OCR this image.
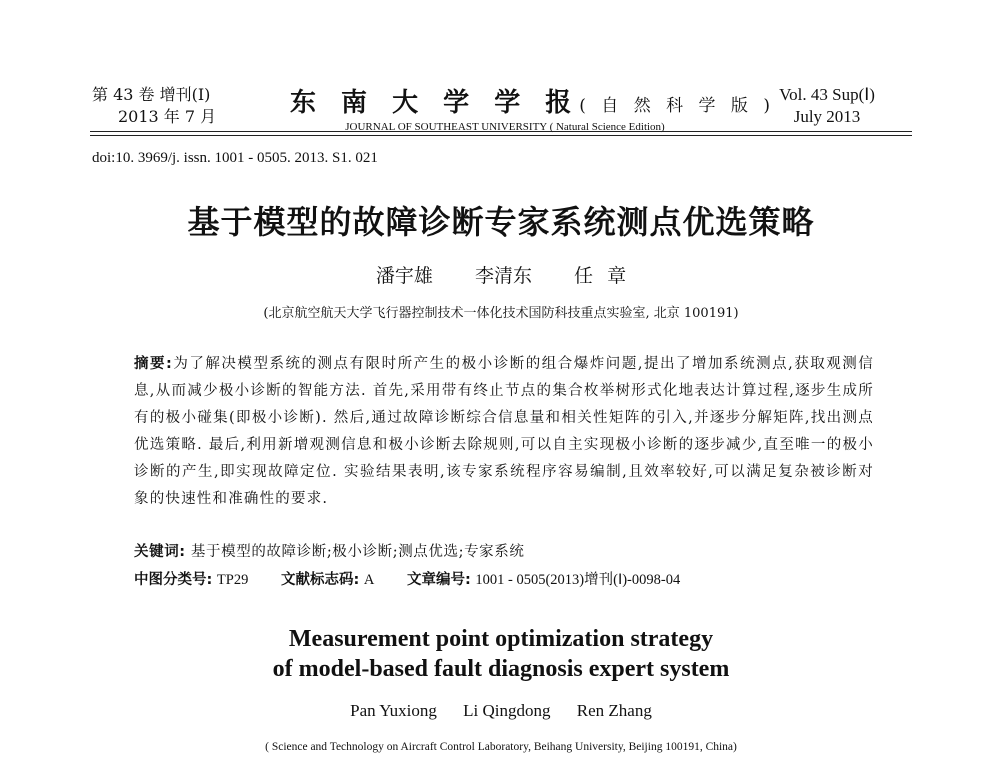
第 43 卷 增刊(Ⅰ)
2013 年 7 月	东 南 大 学 学 报( 自 然 科 学 版 )
JOURNAL OF SOUTHEAST UNIVERSITY ( Natural Science Edition)
Vol. 43 Sup(Ⅰ)
July 2013
doi:10. 3969/j. issn. 1001 - 0505. 2013. S1. 021
基于模型的故障诊断专家系统测点优选策略
潘宇雄 李清东 任 章
(北京航空航天大学飞行器控制技术一体化技术国防科技重点实验室, 北京 100191)

摘要:为了解决模型系统的测点有限时所产生的极小诊断的组合爆炸问题,提出了增加系统测点,获取观测信息,从而减少极小诊断的智能方法. 首先,采用带有终止节点的集合枚举树形式化地表达计算过程,逐步生成所有的极小碰集(即极小诊断). 然后,通过故障诊断综合信息量和相关性矩阵的引入,并逐步分解矩阵,找出测点优选策略. 最后,利用新增观测信息和极小诊断去除规则,可以自主实现极小诊断的逐步减少,直至唯一的极小诊断的产生,即实现故障定位. 实验结果表明,该专家系统程序容易编制,且效率较好,可以满足复杂被诊断对象的快速性和准确性的要求.

关键词: 基于模型的故障诊断;极小诊断;测点优选;专家系统
中图分类号: TP29 文献标志码: A 文章编号: 1001 - 0505(2013)增刊(Ⅰ)-0098-04
Measurement point optimization strategy
of model-based fault diagnosis expert system
Pan Yuxiong Li Qingdong Ren Zhang
( Science and Technology on Aircraft Control Laboratory, Beihang University, Beijing 100191, China)
